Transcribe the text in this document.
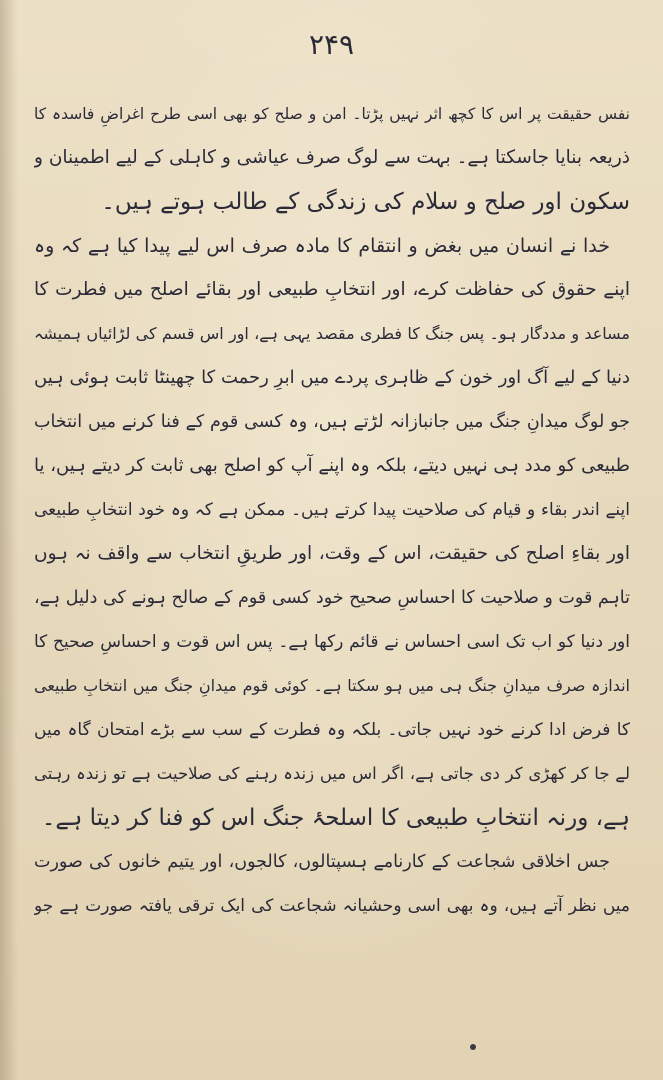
۲۴۹
نفس حقیقت پر اس کا کچھ اثر نہیں پڑتا۔ امن و صلح کو بھی اسی طرح اغراضِ فاسدہ کا
ذریعہ بنایا جاسکتا ہے۔ بہت سے لوگ صرف عیاشی و کاہلی کے لیے اطمینان و
سکون اور صلح و سلام کی زندگی کے طالب ہوتے ہیں۔
خدا نے انسان میں بغض و انتقام کا مادہ صرف اس لیے پیدا کیا ہے کہ وہ
اپنے حقوق کی حفاظت کرے، اور انتخابِ طبیعی اور بقائے اصلح میں فطرت کا
مساعد و مددگار ہو۔ پس جنگ کا فطری مقصد یہی ہے، اور اس قسم کی لڑائیاں ہمیشہ
دنیا کے لیے آگ اور خون کے ظاہری پردے میں ابرِ رحمت کا چھینٹا ثابت ہوئی ہیں
جو لوگ میدانِ جنگ میں جانبازانہ لڑتے ہیں، وہ کسی قوم کے فنا کرنے میں انتخاب
طبیعی کو مدد ہی نہیں دیتے، بلکہ وہ اپنے آپ کو اصلح بھی ثابت کر دیتے ہیں، یا
اپنے اندر بقاء و قیام کی صلاحیت پیدا کرتے ہیں۔ ممکن ہے کہ وہ خود انتخابِ طبیعی
اور بقاءِ اصلح کی حقیقت، اس کے وقت، اور طریقِ انتخاب سے واقف نہ ہوں
تاہم قوت و صلاحیت کا احساسِ صحیح خود کسی قوم کے صالح ہونے کی دلیل ہے،
اور دنیا کو اب تک اسی احساس نے قائم رکھا ہے۔ پس اس قوت و احساسِ صحیح کا
اندازہ صرف میدانِ جنگ ہی میں ہو سکتا ہے۔ کوئی قوم میدانِ جنگ میں انتخابِ طبیعی
کا فرض ادا کرنے خود نہیں جاتی۔ بلکہ وہ فطرت کے سب سے بڑے امتحان گاہ میں
لے جا کر کھڑی کر دی جاتی ہے، اگر اس میں زندہ رہنے کی صلاحیت ہے تو زندہ رہتی
ہے، ورنہ انتخابِ طبیعی کا اسلحۂ جنگ اس کو فنا کر دیتا ہے۔
جس اخلاقی شجاعت کے کارنامے ہسپتالوں، کالجوں، اور یتیم خانوں کی صورت
میں نظر آتے ہیں، وہ بھی اسی وحشیانہ شجاعت کی ایک ترقی یافتہ صورت ہے جو
